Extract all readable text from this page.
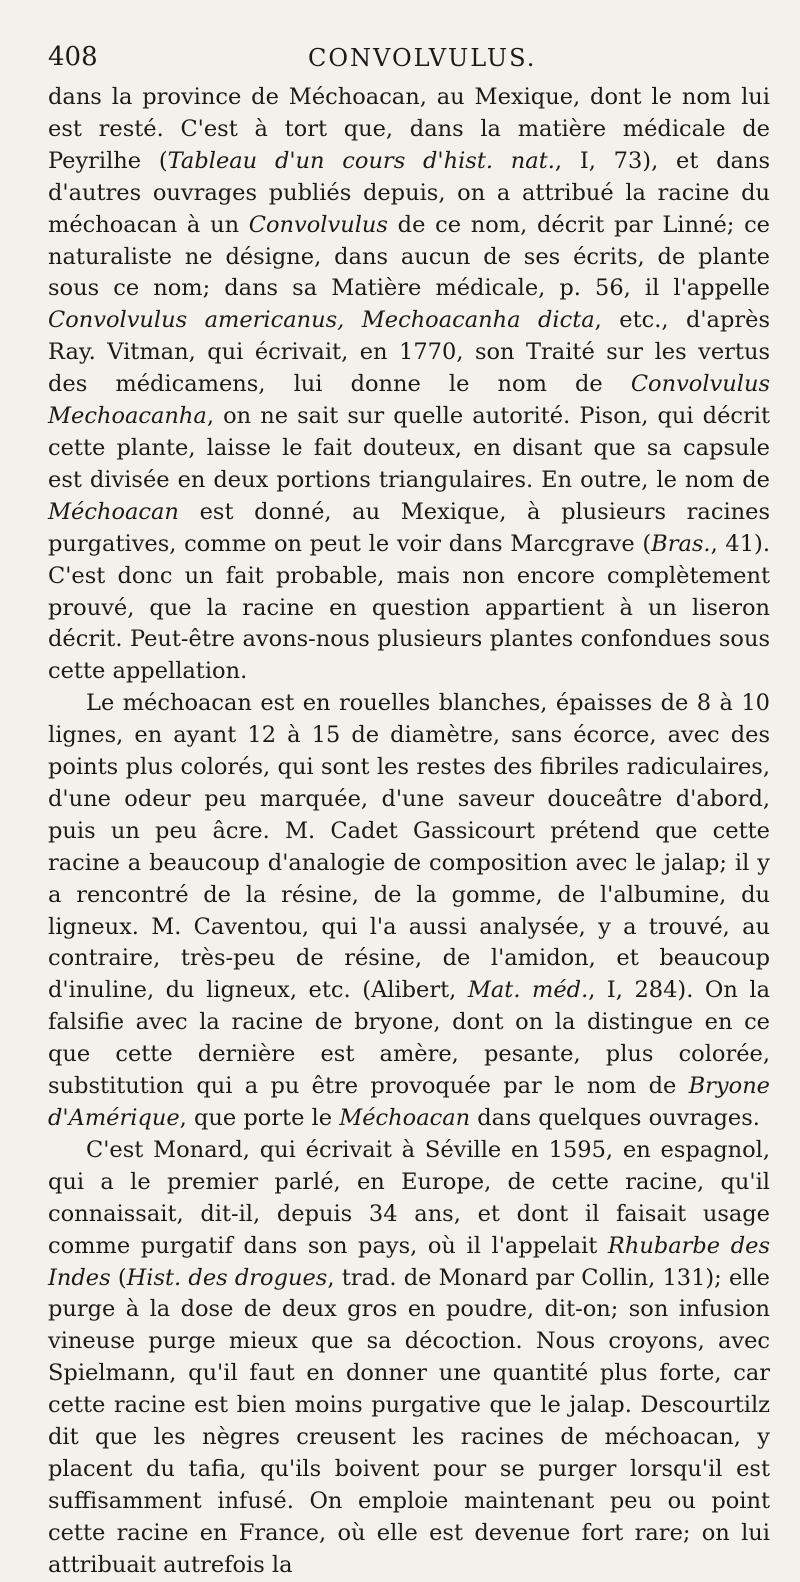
408	CONVOLVULUS.

dans la province de Méchoacan, au Mexique, dont le nom lui est resté. C'est à tort que, dans la matière médicale de Peyrilhe (Tableau d'un cours d'hist. nat., I, 73), et dans d'autres ouvrages publiés depuis, on a attribué la racine du méchoacan à un Convolvulus de ce nom, décrit par Linné; ce naturaliste ne désigne, dans aucun de ses écrits, de plante sous ce nom; dans sa Matière médicale, p. 56, il l'appelle Convolvulus americanus, Mechoacanha dicta, etc., d'après Ray. Vitman, qui écrivait, en 1770, son Traité sur les vertus des médicamens, lui donne le nom de Convolvulus Mechoacanha, on ne sait sur quelle autorité. Pison, qui décrit cette plante, laisse le fait douteux, en disant que sa capsule est divisée en deux portions triangulaires. En outre, le nom de Méchoacan est donné, au Mexique, à plusieurs racines purgatives, comme on peut le voir dans Marcgrave (Bras., 41). C'est donc un fait probable, mais non encore complètement prouvé, que la racine en question appartient à un liseron décrit. Peut-être avons-nous plusieurs plantes confondues sous cette appellation.

Le méchoacan est en rouelles blanches, épaisses de 8 à 10 lignes, en ayant 12 à 15 de diamètre, sans écorce, avec des points plus colorés, qui sont les restes des fibriles radiculaires, d'une odeur peu marquée, d'une saveur douceâtre d'abord, puis un peu âcre. M. Cadet Gassicourt prétend que cette racine a beaucoup d'analogie de composition avec le jalap; il y a rencontré de la résine, de la gomme, de l'albumine, du ligneux. M. Caventou, qui l'a aussi analysée, y a trouvé, au contraire, très-peu de résine, de l'amidon, et beaucoup d'inuline, du ligneux, etc. (Alibert, Mat. méd., I, 284). On la falsifie avec la racine de bryone, dont on la distingue en ce que cette dernière est amère, pesante, plus colorée, substitution qui a pu être provoquée par le nom de Bryone d'Amérique, que porte le Méchoacan dans quelques ouvrages.

C'est Monard, qui écrivait à Séville en 1595, en espagnol, qui a le premier parlé, en Europe, de cette racine, qu'il connaissait, dit-il, depuis 34 ans, et dont il faisait usage comme purgatif dans son pays, où il l'appelait Rhubarbe des Indes (Hist. des drogues, trad. de Monard par Collin, 131); elle purge à la dose de deux gros en poudre, dit-on; son infusion vineuse purge mieux que sa décoction. Nous croyons, avec Spielmann, qu'il faut en donner une quantité plus forte, car cette racine est bien moins purgative que le jalap. Descourtilz dit que les nègres creusent les racines de méchoacan, y placent du tafia, qu'ils boivent pour se purger lorsqu'il est suffisamment infusé. On emploie maintenant peu ou point cette racine en France, où elle est devenue fort rare; on lui attribuait autrefois la
